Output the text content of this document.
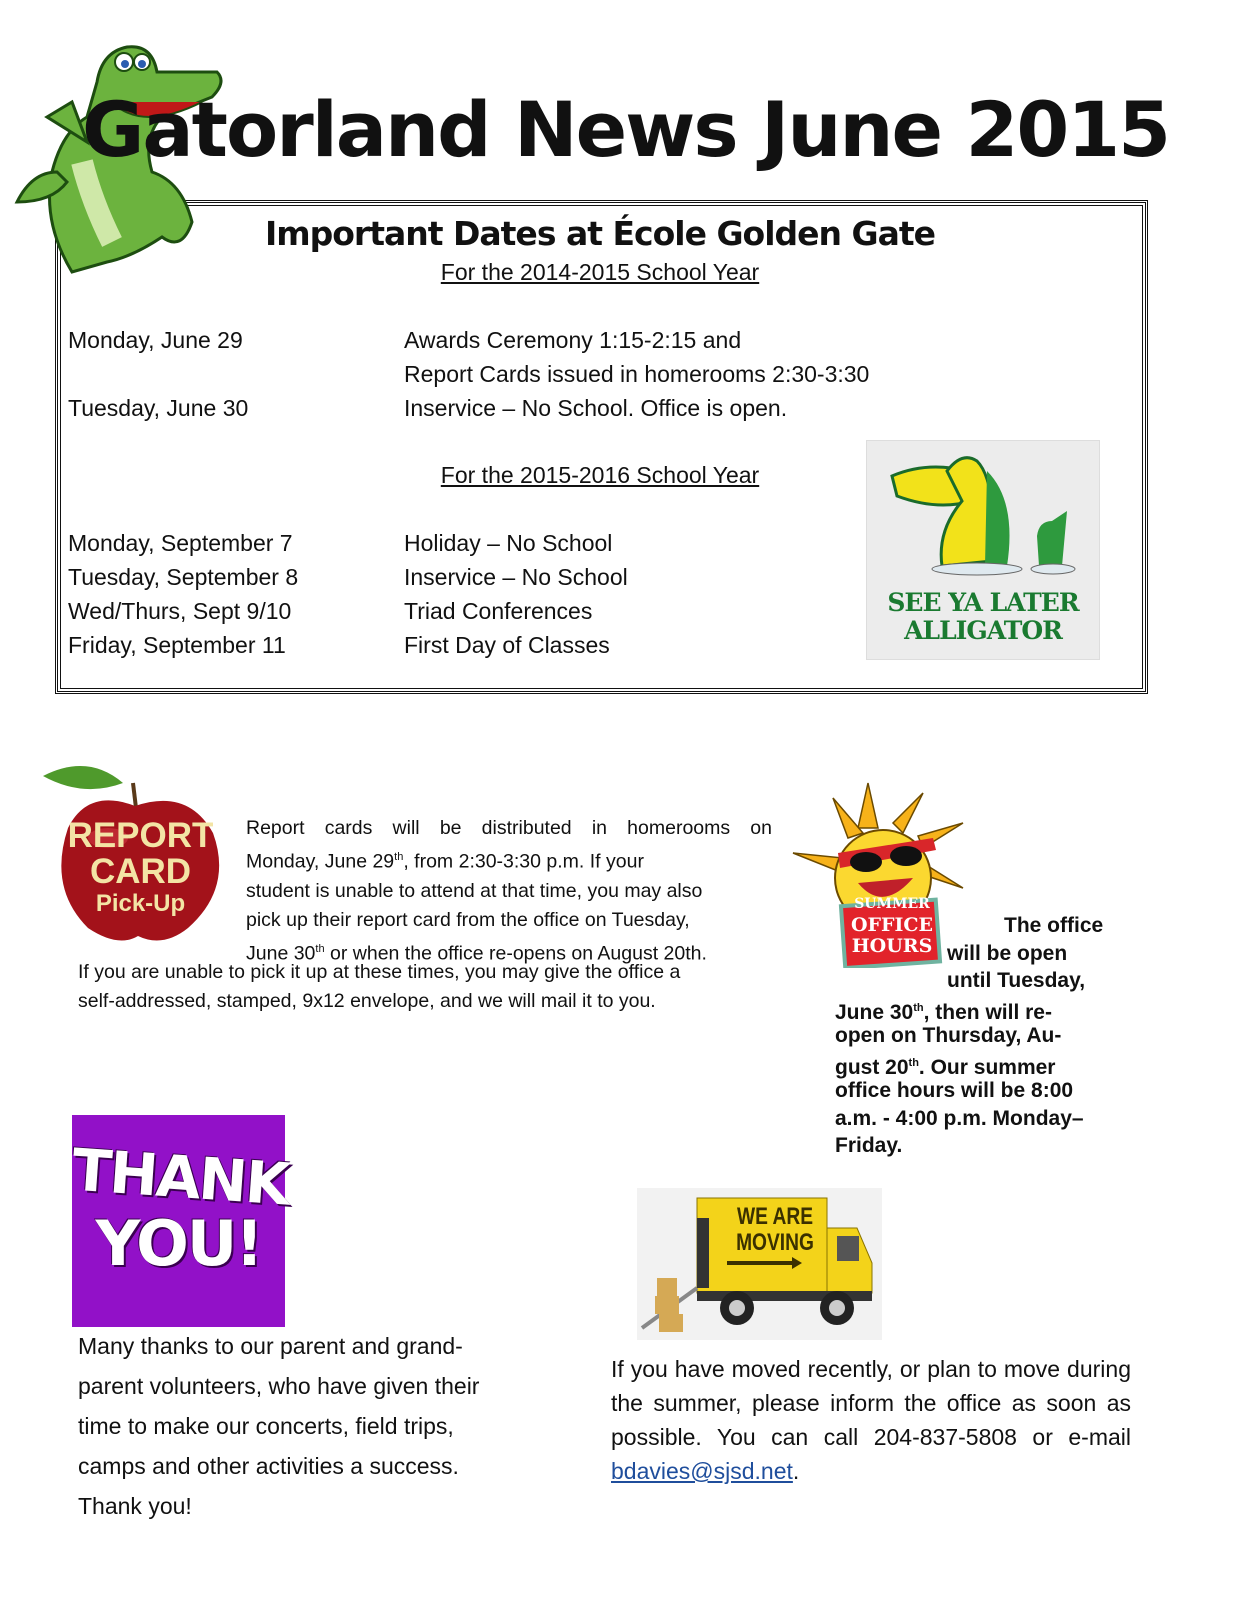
Gatorland News June 2015
Important Dates at École Golden Gate
For the 2014-2015 School Year
Monday, June 29	Awards Ceremony 1:15-2:15 and
Report Cards issued in homerooms 2:30-3:30
Tuesday, June 30	Inservice – No School. Office is open.
For the 2015-2016 School Year
Monday, September 7	Holiday – No School
Tuesday, September 8	Inservice – No School
Wed/Thurs, Sept 9/10	Triad Conferences
Friday, September 11	First Day of Classes
SEE YA LATER
ALLIGATOR
REPORT
CARD
Pick-Up
Report cards will be distributed in homerooms on
Monday, June 29th, from 2:30-3:30 p.m. If your
student is unable to attend at that time, you may also
pick up their report card from the office on Tuesday,
June 30th or when the office re-opens on August 20th.
If you are unable to pick it up at these times, you may give the office a
self-addressed, stamped, 9x12 envelope, and we will mail it to you.
SUMMER
OFFICE
HOURS
The office
will be open
until Tuesday,
June 30th, then will re-
open on Thursday, Au-
gust 20th. Our summer
office hours will be 8:00
a.m. - 4:00 p.m. Monday–
Friday.
THANK
YOU!
Many thanks to our parent and grand-
parent volunteers, who have given their
time to make our concerts, field trips,
camps and other activities a success.
Thank you!
WE ARE
MOVING
If you have moved recently, or plan to move during the summer, please inform the office as soon as possible. You can call 204-837-5808 or e-mail bdavies@sjsd.net.
